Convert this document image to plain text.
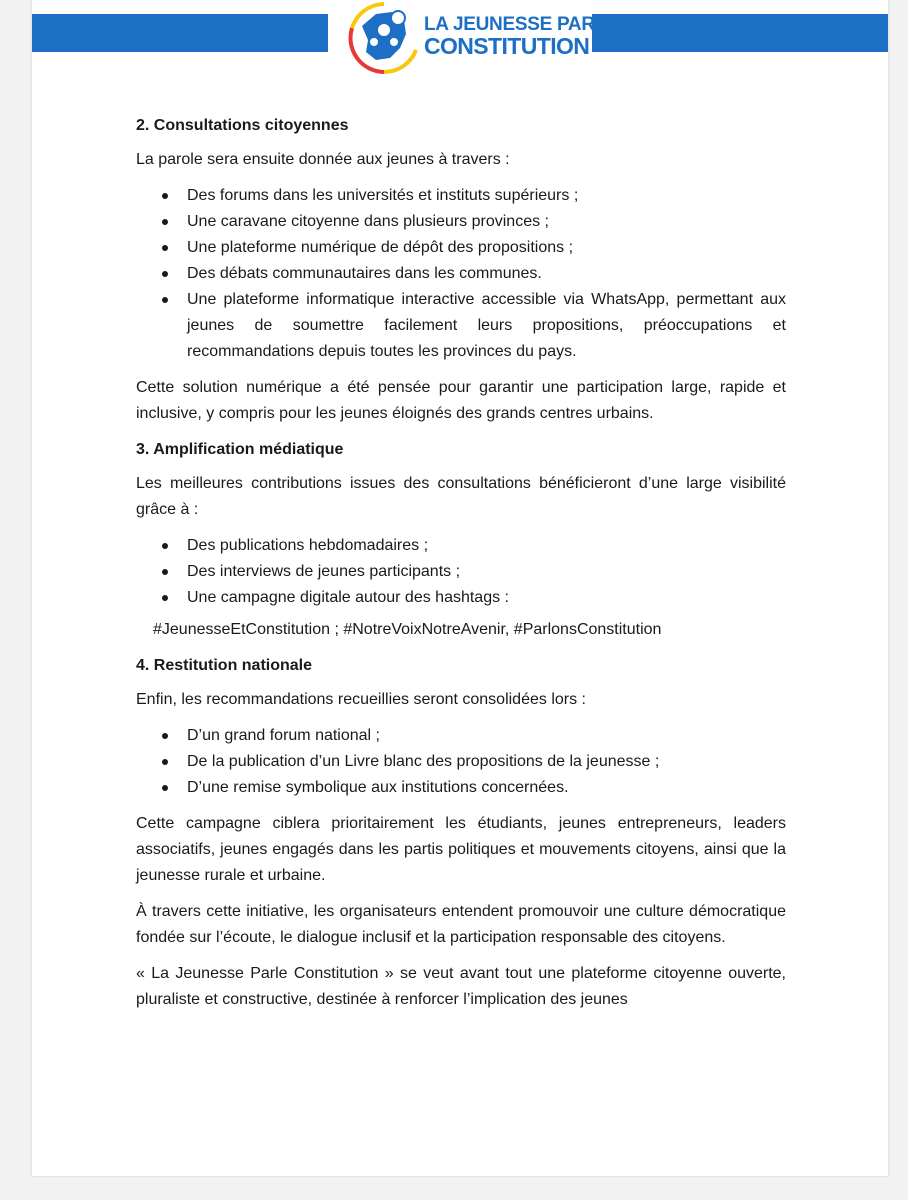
LA JEUNESSE PARLE
CONSTITUTION
2. Consultations citoyennes

La parole sera ensuite donnée aux jeunes à travers :

Des forums dans les universités et instituts supérieurs ;
Une caravane citoyenne dans plusieurs provinces ;
Une plateforme numérique de dépôt des propositions ;
Des débats communautaires dans les communes.
Une plateforme informatique interactive accessible via WhatsApp, permettant aux jeunes de soumettre facilement leurs propositions, préoccupations et recommandations depuis toutes les provinces du pays.

Cette solution numérique a été pensée pour garantir une participation large, rapide et inclusive, y compris pour les jeunes éloignés des grands centres urbains.

3. Amplification médiatique

Les meilleures contributions issues des consultations bénéficieront d’une large visibilité grâce à :

Des publications hebdomadaires ;
Des interviews de jeunes participants ;
Une campagne digitale autour des hashtags :

#JeunesseEtConstitution ; #NotreVoixNotreAvenir, #ParlonsConstitution

4. Restitution nationale

Enfin, les recommandations recueillies seront consolidées lors :

D’un grand forum national ;
De la publication d’un Livre blanc des propositions de la jeunesse ;
D’une remise symbolique aux institutions concernées.

Cette campagne ciblera prioritairement les étudiants, jeunes entrepreneurs, leaders associatifs, jeunes engagés dans les partis politiques et mouvements citoyens, ainsi que la jeunesse rurale et urbaine.

À travers cette initiative, les organisateurs entendent promouvoir une culture démocratique fondée sur l’écoute, le dialogue inclusif et la participation responsable des citoyens.

« La Jeunesse Parle Constitution » se veut avant tout une plateforme citoyenne ouverte, pluraliste et constructive, destinée à renforcer l’implication des jeunes
